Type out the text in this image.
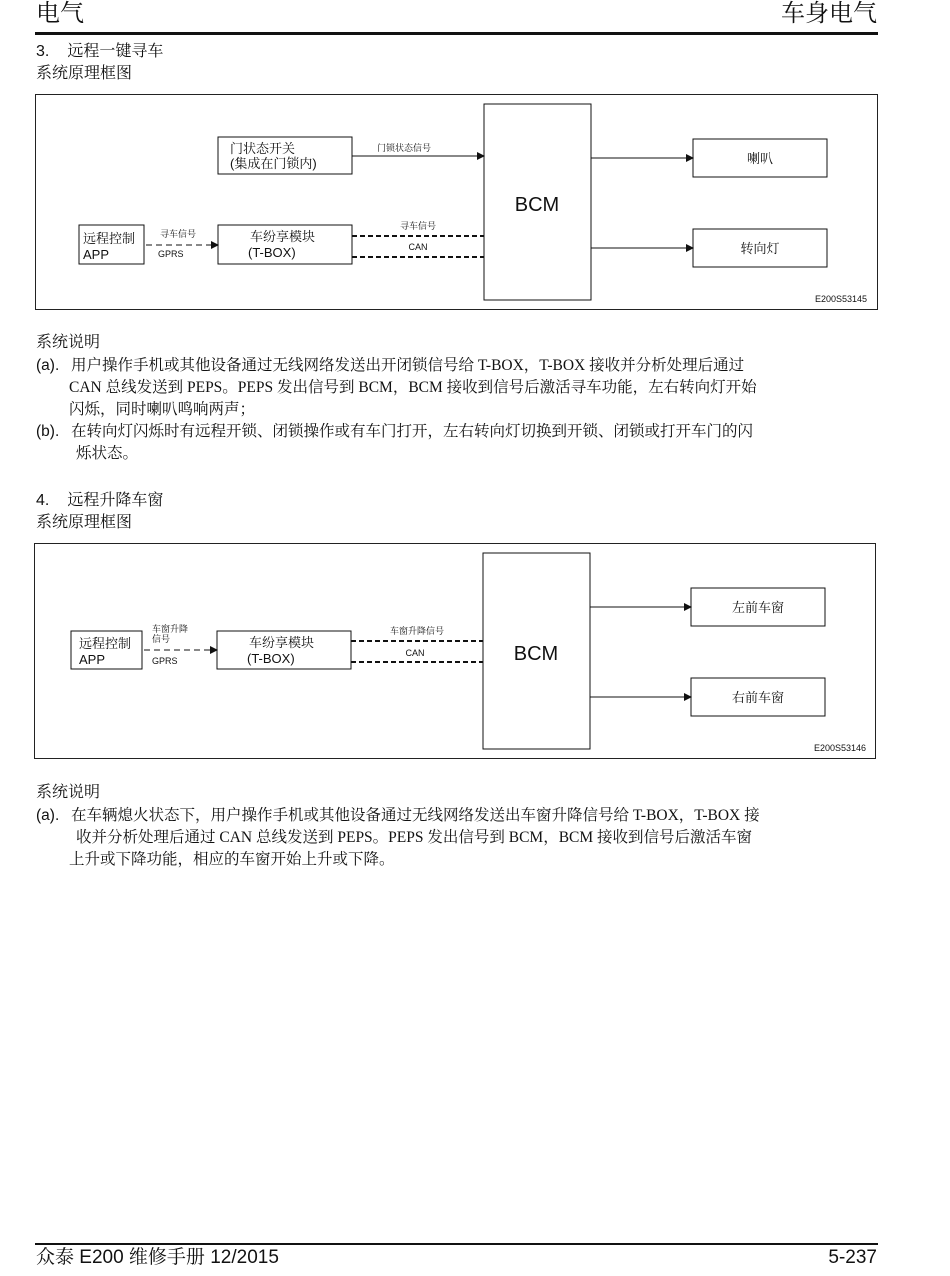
电气	车身电气
3. 远程一键寻车
系统原理框图
BCM
门状态开关
(集成在门锁内)
门锁状态信号
远程控制
APP
寻车信号
GPRS
车纷享模块
(T-BOX)
寻车信号
CAN
喇叭
转向灯
E200S53145
系统说明
(a). 用户操作手机或其他设备通过无线网络发送出开闭锁信号给 T-BOX，T-BOX 接收并分析处理后通过
CAN 总线发送到 PEPS。PEPS 发出信号到 BCM，BCM 接收到信号后激活寻车功能，左右转向灯开始
闪烁，同时喇叭鸣响两声；
(b). 在转向灯闪烁时有远程开锁、闭锁操作或有车门打开，左右转向灯切换到开锁、闭锁或打开车门的闪
烁状态。
4. 远程升降车窗
系统原理框图
BCM
远程控制
APP
车窗升降
信号
GPRS
车纷享模块
(T-BOX)
车窗升降信号
CAN
左前车窗
右前车窗
E200S53146
系统说明
(a). 在车辆熄火状态下，用户操作手机或其他设备通过无线网络发送出车窗升降信号给 T-BOX，T-BOX 接
收并分析处理后通过 CAN 总线发送到 PEPS。PEPS 发出信号到 BCM，BCM 接收到信号后激活车窗
上升或下降功能，相应的车窗开始上升或下降。
众泰 E200 维修手册 12/2015	5-237
